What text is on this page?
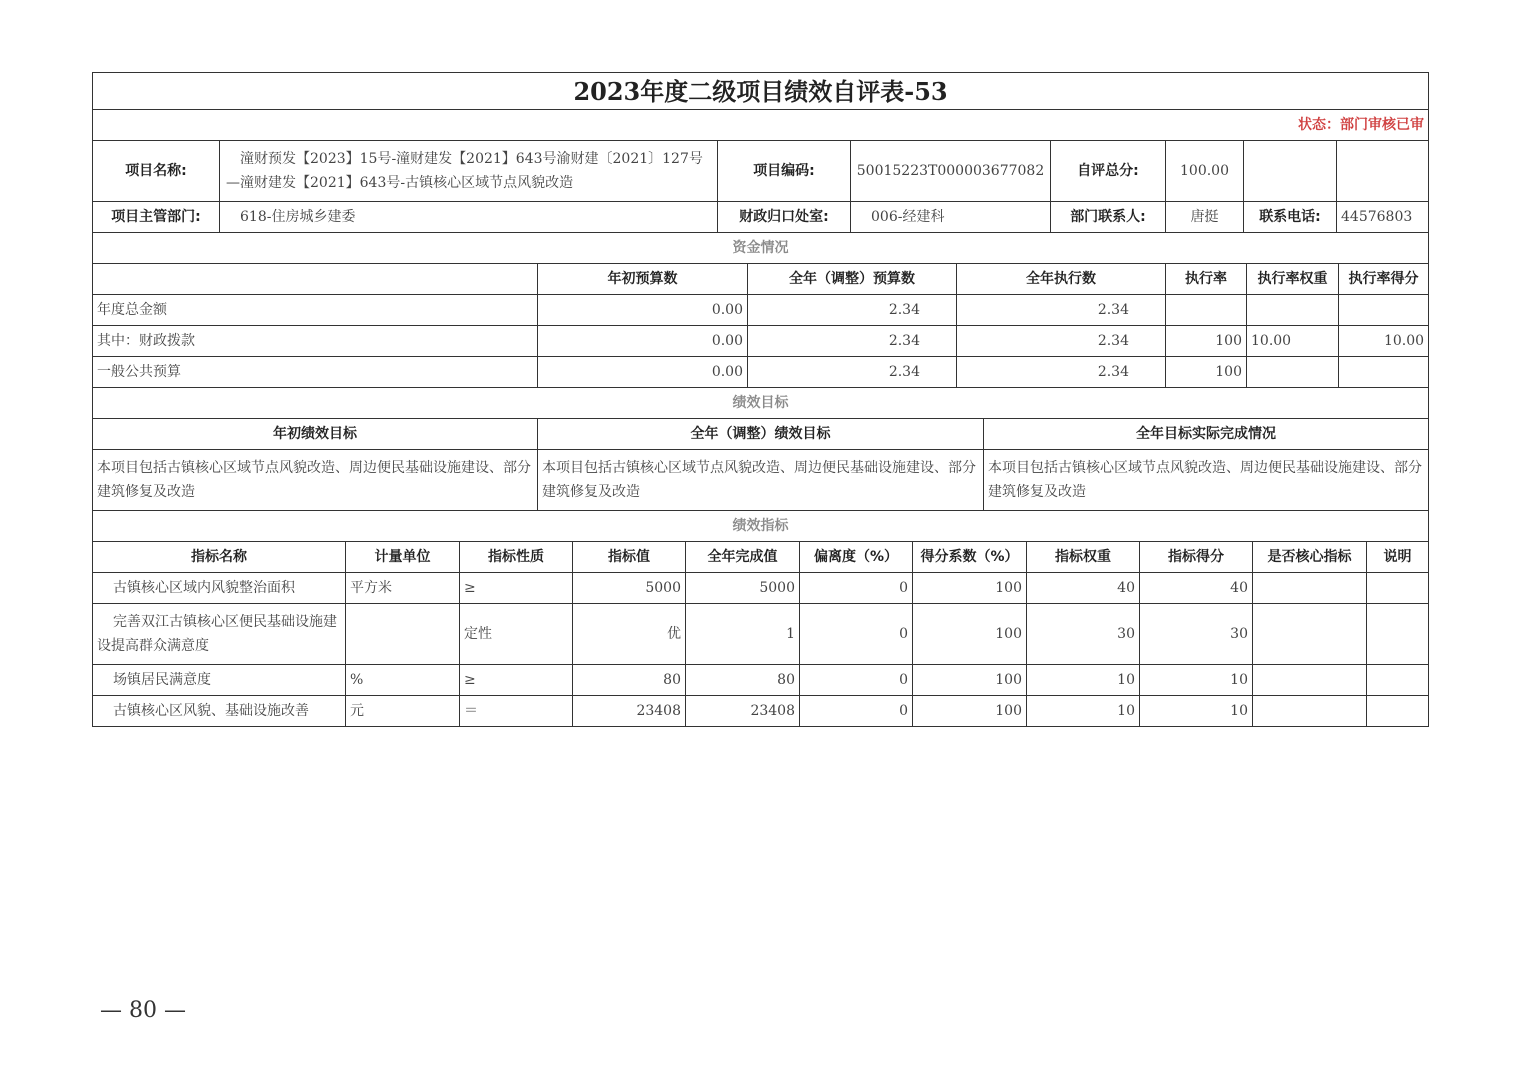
2023年度二级项目绩效自评表-53							
状态：部门审核已审							
项目名称:	潼财预发【2023】15号-潼财建发【2021】643号渝财建〔2021〕127号—潼财建发【2021】643号-古镇核心区域节点风貌改造	项目编码:	50015223T000003677082	自评总分:	100.00		
项目主管部门:	618-住房城乡建委	财政归口处室:	006-经建科	部门联系人:	唐挺	联系电话:	44576803
资金情况						
	年初预算数	全年（调整）预算数	全年执行数	执行率	执行率权重	执行率得分
年度总金额	0.00	2.34	2.34			
其中：财政拨款	0.00	2.34	2.34	100	10.00	10.00
一般公共预算	0.00	2.34	2.34	100		
绩效目标		
年初绩效目标	全年（调整）绩效目标	全年目标实际完成情况
本项目包括古镇核心区域节点风貌改造、周边便民基础设施建设、部分建筑修复及改造	本项目包括古镇核心区域节点风貌改造、周边便民基础设施建设、部分建筑修复及改造	本项目包括古镇核心区域节点风貌改造、周边便民基础设施建设、部分建筑修复及改造
绩效指标										
指标名称	计量单位	指标性质	指标值	全年完成值	偏离度（%）	得分系数（%）	指标权重	指标得分	是否核心指标	说明
古镇核心区域内风貌整治面积	平方米	≥	5000	5000	0	100	40	40		
完善双江古镇核心区便民基础设施建设提高群众满意度		定性	优	1	0	100	30	30		
场镇居民满意度	%	≥	80	80	0	100	10	10		
古镇核心区风貌、基础设施改善	元	＝	23408	23408	0	100	10	10		
— 80 —
